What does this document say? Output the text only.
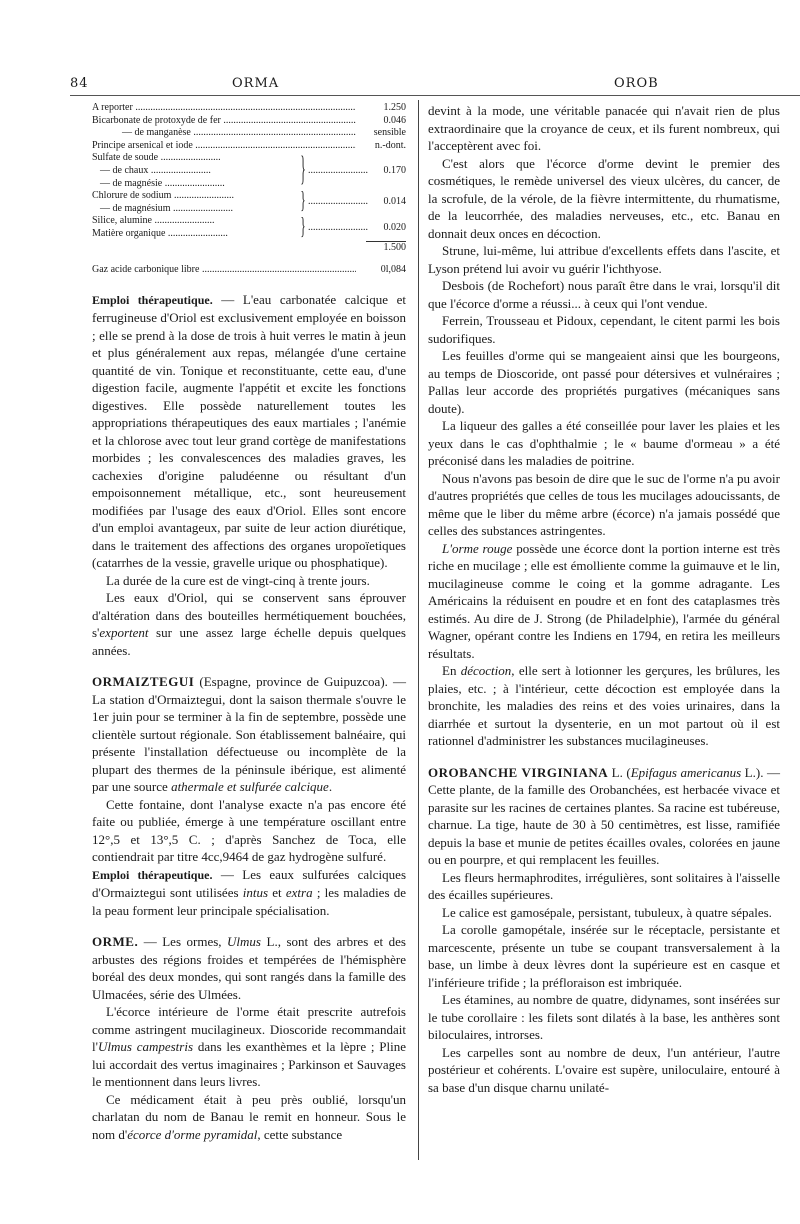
84	ORMA	OROB
A reporter .....	1.250
Bicarbonate de protoxyde de fer .....	0.046
— de manganèse .....	sensible
Principe arsenical et iode .....	n.-dont.
Sulfate de soude .....
— de chaux .....
— de magnésie .....	} .....	0.170
Chlorure de sodium .....
— de magnésium .....	} .....	0.014
Silice, alumine .....
Matière organique .....	} .....	0.020
1.500
Gaz acide carbonique libre .....	0l,084

Emploi thérapeutique. — L'eau carbonatée calcique et ferrugineuse d'Oriol est exclusivement employée en boisson ; elle se prend à la dose de trois à huit verres le matin à jeun et plus généralement aux repas, mélangée d'une certaine quantité de vin. Tonique et reconstituante, cette eau, d'une digestion facile, augmente l'appétit et excite les fonctions digestives. Elle possède naturellement toutes les appropriations thérapeutiques des eaux martiales ; l'anémie et la chlorose avec tout leur grand cortège de manifestations morbides ; les convalescences des maladies graves, les cachexies d'origine paludéenne ou résultant d'un empoisonnement métallique, etc., sont heureusement modifiées par l'usage des eaux d'Oriol. Elles sont encore d'un emploi avantageux, par suite de leur action diurétique, dans le traitement des affections des organes uropoïetiques (catarrhes de la vessie, gravelle urique ou phosphatique).

La durée de la cure est de vingt-cinq à trente jours.

Les eaux d'Oriol, qui se conservent sans éprouver d'altération dans des bouteilles hermétiquement bouchées, s'exportent sur une assez large échelle depuis quelques années.

ORMAIZTEGUI (Espagne, province de Guipuzcoa). — La station d'Ormaiztegui, dont la saison thermale s'ouvre le 1er juin pour se terminer à la fin de septembre, possède une clientèle surtout régionale. Son établissement balnéaire, qui présente l'installation défectueuse ou incomplète de la plupart des thermes de la péninsule ibérique, est alimenté par une source athermale et sulfurée calcique.

Cette fontaine, dont l'analyse exacte n'a pas encore été faite ou publiée, émerge à une température oscillant entre 12°,5 et 13°,5 C. ; d'après Sanchez de Toca, elle contiendrait par titre 4cc,9464 de gaz hydrogène sulfuré.

Emploi thérapeutique. — Les eaux sulfurées calciques d'Ormaiztegui sont utilisées intus et extra ; les maladies de la peau forment leur principale spécialisation.

ORME. — Les ormes, Ulmus L., sont des arbres et des arbustes des régions froides et tempérées de l'hémisphère boréal des deux mondes, qui sont rangés dans la famille des Ulmacées, série des Ulmées.

L'écorce intérieure de l'orme était prescrite autrefois comme astringent mucilagineux. Dioscoride recommandait l'Ulmus campestris dans les exanthèmes et la lèpre ; Pline lui accordait des vertus imaginaires ; Parkinson et Sauvages le mentionnent dans leurs livres.

Ce médicament était à peu près oublié, lorsqu'un charlatan du nom de Banau le remit en honneur. Sous le nom d'écorce d'orme pyramidal, cette substance

devint à la mode, une véritable panacée qui n'avait rien de plus extraordinaire que la croyance de ceux, et ils furent nombreux, qui l'acceptèrent avec foi.

C'est alors que l'écorce d'orme devint le premier des cosmétiques, le remède universel des vieux ulcères, du cancer, de la scrofule, de la vérole, de la fièvre intermittente, du rhumatisme, de la leucorrhée, des maladies nerveuses, etc., etc. Banau en donnait deux onces en décoction.

Strune, lui-même, lui attribue d'excellents effets dans l'ascite, et Lyson prétend lui avoir vu guérir l'ichthyose.

Desbois (de Rochefort) nous paraît être dans le vrai, lorsqu'il dit que l'écorce d'orme a réussi... à ceux qui l'ont vendue.

Ferrein, Trousseau et Pidoux, cependant, le citent parmi les bois sudorifiques.

Les feuilles d'orme qui se mangeaient ainsi que les bourgeons, au temps de Dioscoride, ont passé pour détersives et vulnéraires ; Pallas leur accorde des propriétés purgatives (mécaniques sans doute).

La liqueur des galles a été conseillée pour laver les plaies et les yeux dans le cas d'ophthalmie ; le « baume d'ormeau » a été préconisé dans les maladies de poitrine.

Nous n'avons pas besoin de dire que le suc de l'orme n'a pu avoir d'autres propriétés que celles de tous les mucilages adoucissants, de même que le liber du même arbre (écorce) n'a jamais possédé que celles des substances astringentes.

L'orme rouge possède une écorce dont la portion interne est très riche en mucilage ; elle est émolliente comme la guimauve et le lin, mucilagineuse comme le coing et la gomme adragante. Les Américains la réduisent en poudre et en font des cataplasmes très estimés. Au dire de J. Strong (de Philadelphie), l'armée du général Wagner, opérant contre les Indiens en 1794, en retira les meilleurs résultats.

En décoction, elle sert à lotionner les gerçures, les brûlures, les plaies, etc. ; à l'intérieur, cette décoction est employée dans la bronchite, les maladies des reins et des voies urinaires, dans la diarrhée et surtout la dysenterie, en un mot partout où il est rationnel d'administrer les substances mucilagineuses.

OROBANCHE VIRGINIANA L. (Epifagus americanus L.). — Cette plante, de la famille des Orobanchées, est herbacée vivace et parasite sur les racines de certaines plantes. Sa racine est tubéreuse, charnue. La tige, haute de 30 à 50 centimètres, est lisse, ramifiée depuis la base et munie de petites écailles ovales, colorées en jaune ou en pourpre, et qui remplacent les feuilles.

Les fleurs hermaphrodites, irrégulières, sont solitaires à l'aisselle des écailles supérieures.

Le calice est gamosépale, persistant, tubuleux, à quatre sépales.

La corolle gamopétale, insérée sur le réceptacle, persistante et marcescente, présente un tube se coupant transversalement à la base, un limbe à deux lèvres dont la supérieure est en casque et l'inférieure trifide ; la préfloraison est imbriquée.

Les étamines, au nombre de quatre, didynames, sont insérées sur le tube corollaire : les filets sont dilatés à la base, les anthères sont biloculaires, introrses.

Les carpelles sont au nombre de deux, l'un antérieur, l'autre postérieur et cohérents. L'ovaire est supère, uniloculaire, entouré à sa base d'un disque charnu unilaté-
